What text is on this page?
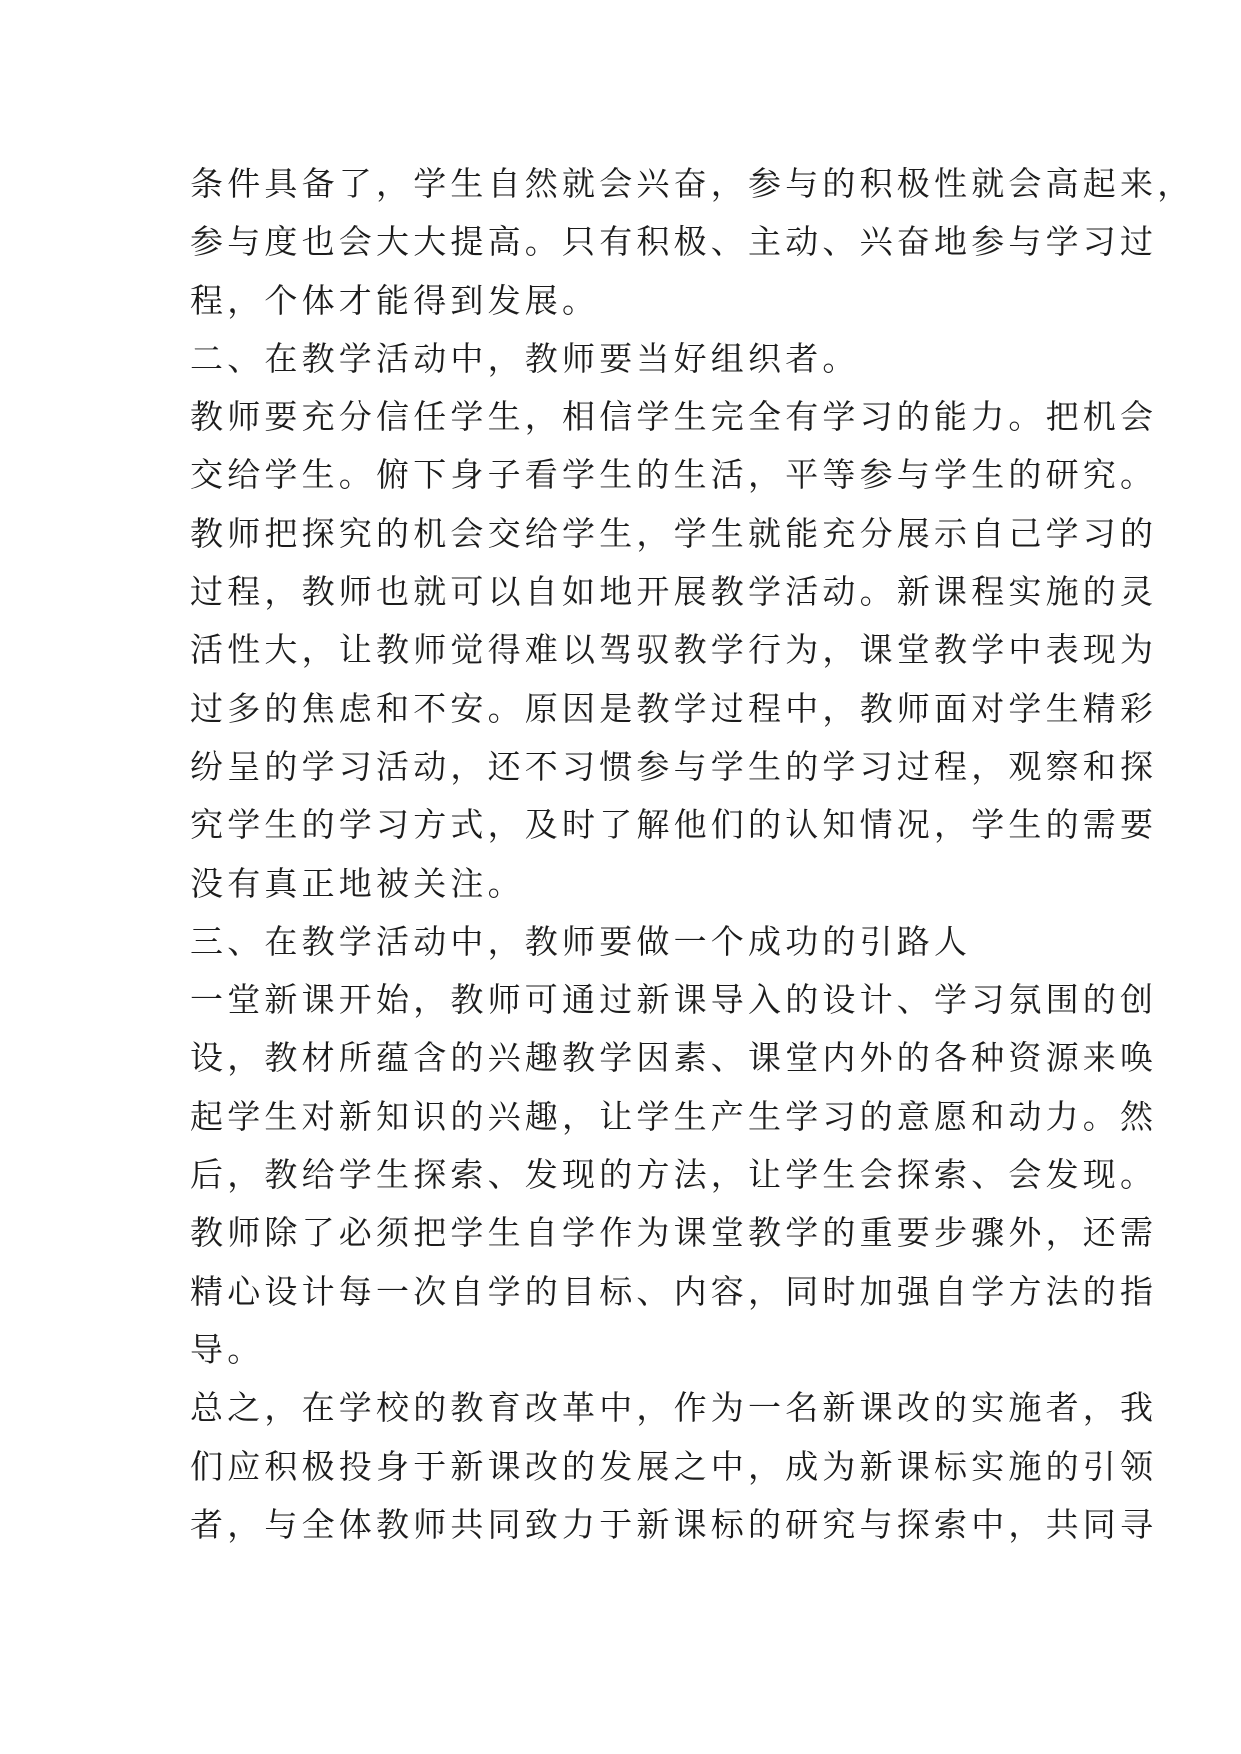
条件具备了，学生自然就会兴奋，参与的积极性就会高起来，
参与度也会大大提高。只有积极、主动、兴奋地参与学习过
程，个体才能得到发展。

二、在教学活动中，教师要当好组织者。

教师要充分信任学生，相信学生完全有学习的能力。把机会
交给学生。俯下身子看学生的生活，平等参与学生的研究。
教师把探究的机会交给学生，学生就能充分展示自己学习的
过程，教师也就可以自如地开展教学活动。新课程实施的灵
活性大，让教师觉得难以驾驭教学行为，课堂教学中表现为
过多的焦虑和不安。原因是教学过程中，教师面对学生精彩
纷呈的学习活动，还不习惯参与学生的学习过程，观察和探
究学生的学习方式，及时了解他们的认知情况，学生的需要
没有真正地被关注。

三、在教学活动中，教师要做一个成功的引路人

一堂新课开始，教师可通过新课导入的设计、学习氛围的创
设，教材所蕴含的兴趣教学因素、课堂内外的各种资源来唤
起学生对新知识的兴趣，让学生产生学习的意愿和动力。然
后，教给学生探索、发现的方法，让学生会探索、会发现。
教师除了必须把学生自学作为课堂教学的重要步骤外，还需
精心设计每一次自学的目标、内容，同时加强自学方法的指
导。

总之，在学校的教育改革中，作为一名新课改的实施者，我
们应积极投身于新课改的发展之中，成为新课标实施的引领
者，与全体教师共同致力于新课标的研究与探索中，共同寻
